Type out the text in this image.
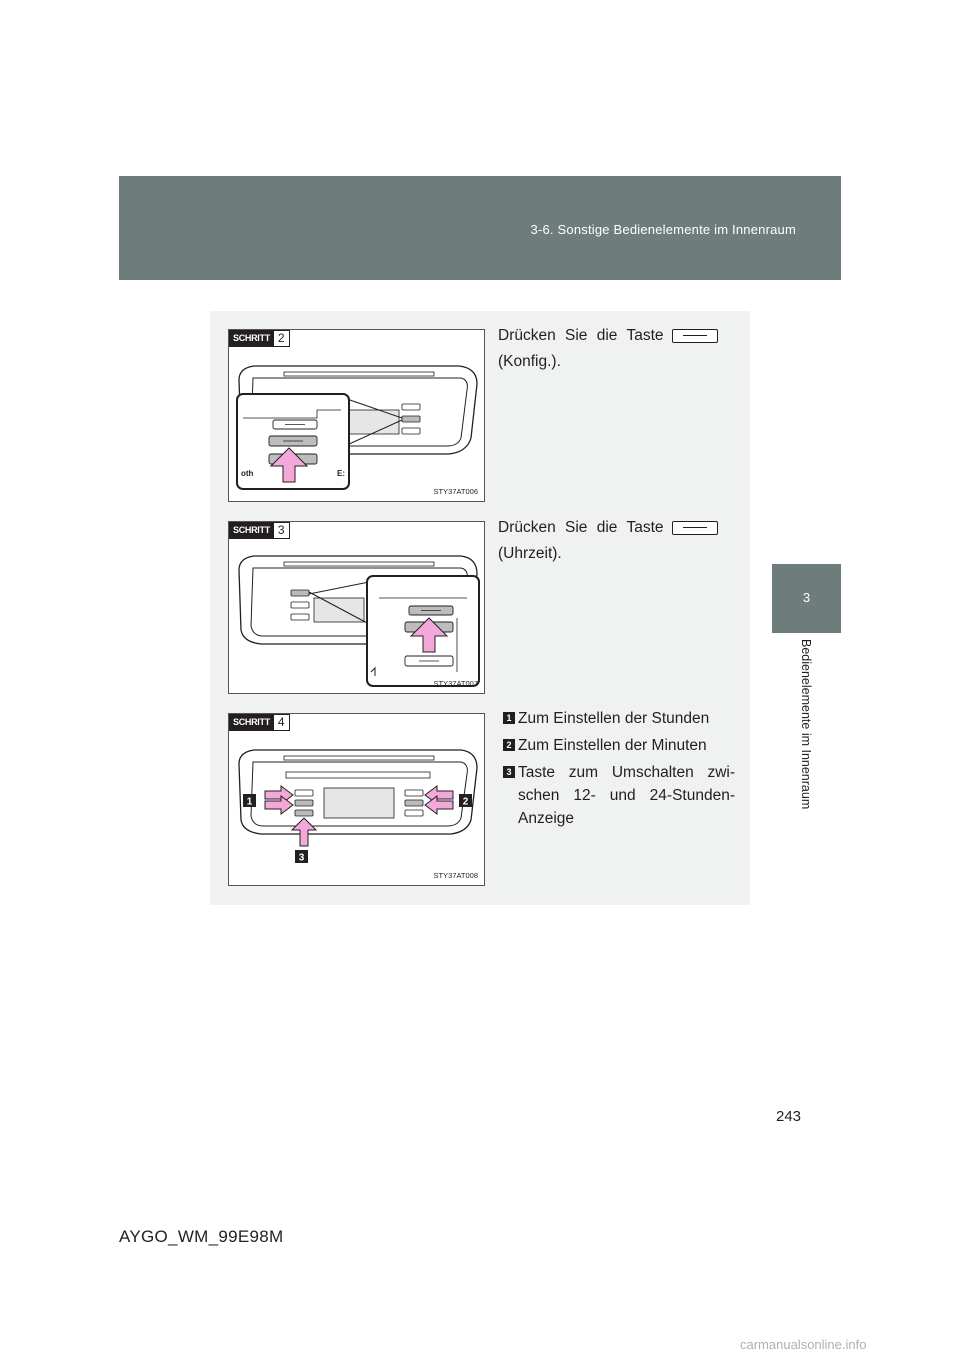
3-6. Sonstige Bedienelemente im Innenraum
3
Bedienelemente im Innenraum
oth	E:
SCHRITT 2
STY37AT006
Drücken Sie die Taste
(Konfig.).
SCHRITT 3
STY37AT007
Drücken Sie die Taste
(Uhrzeit).
1	2
3
SCHRITT 4
STY37AT008
1 Zum Einstellen der Stunden
2 Zum Einstellen der Minuten
3 Taste zum Umschalten zwi-schen 12- und 24-Stunden-Anzeige
243
AYGO_WM_99E98M
carmanualsonline.info
